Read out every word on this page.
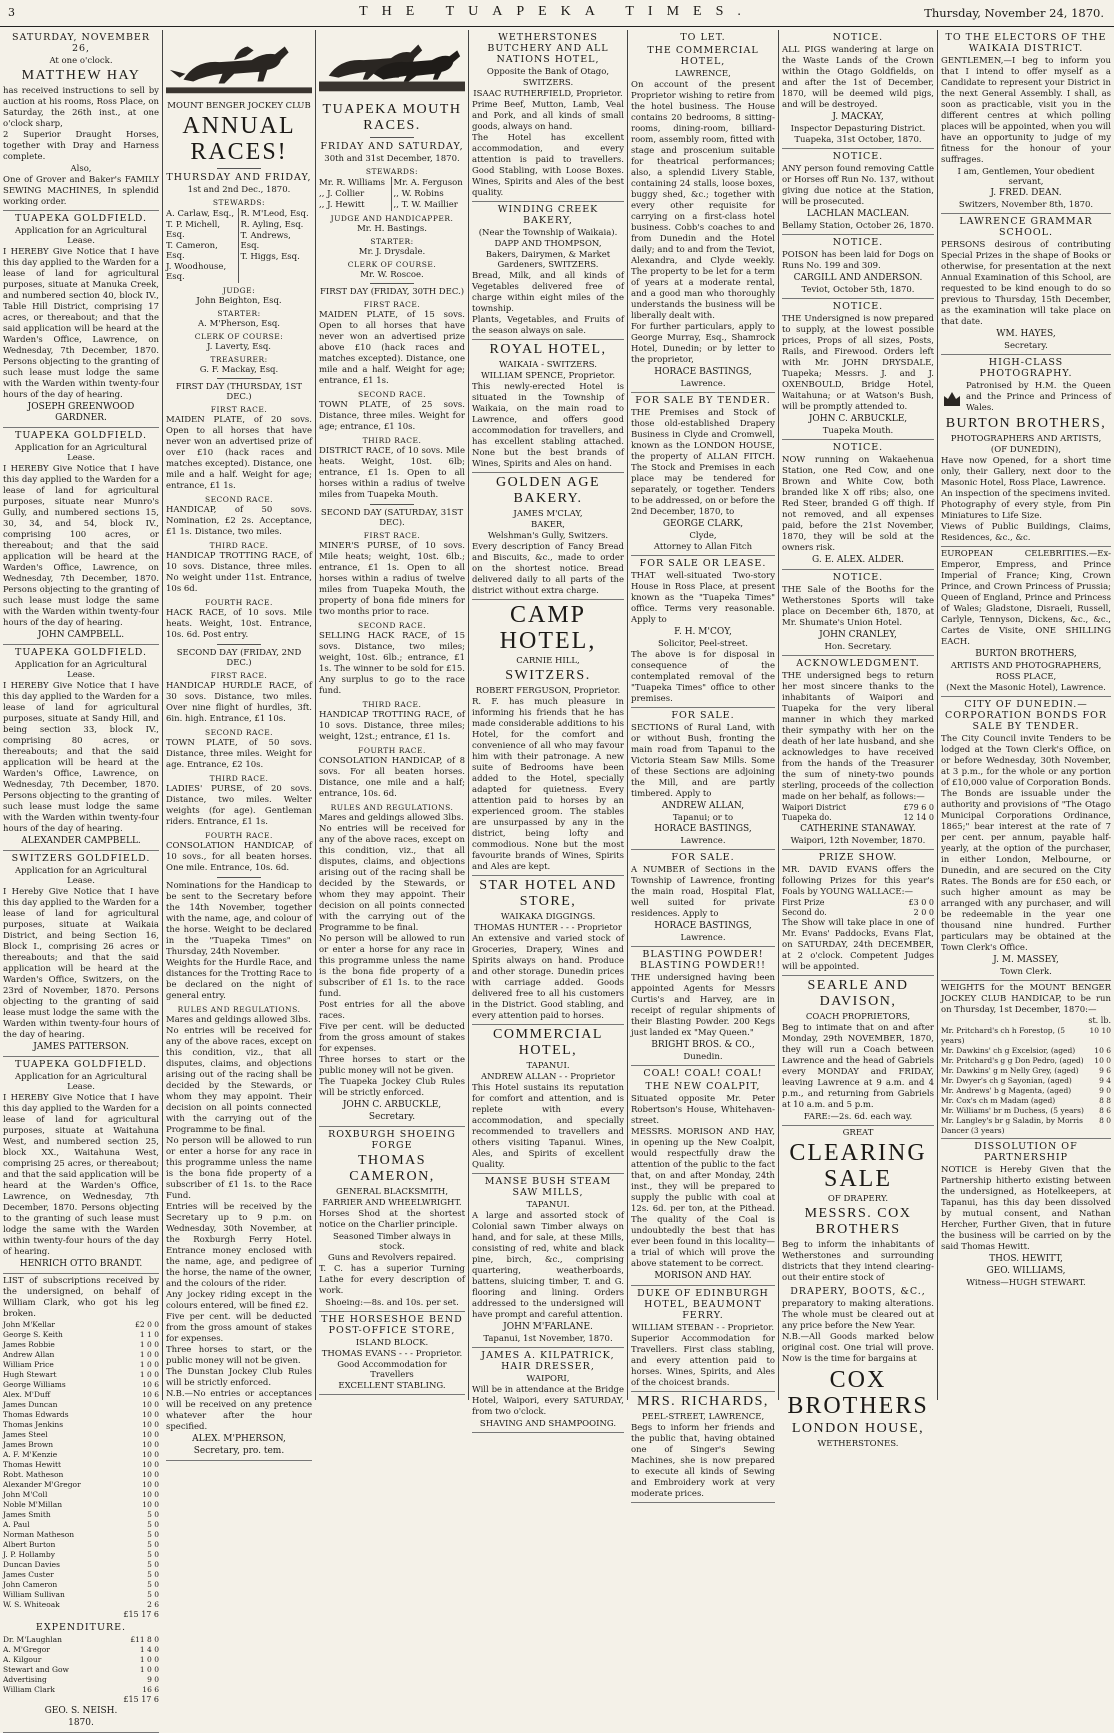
3	THE TUAPEKA TIMES.	Thursday, November 24, 1870.
SATURDAY, NOVEMBER 26,
At one o'clock.
MATTHEW HAY

has received instructions to sell by auction at his rooms, Ross Place, on Saturday, the 26th inst., at one o'clock sharp,

2 Superior Draught Horses, together with Dray and Harness complete.

Also,

One of Grover and Baker's FAMILY SEWING MACHINES, In splendid working order.

TUAPEKA GOLDFIELD.
Application for an Agricultural Lease.

I HEREBY Give Notice that I have this day applied to the Warden for a lease of land for agricultural purposes, situate at Manuka Creek, and numbered section 40, block IV., Table Hill District, comprising 17 acres, or thereabout; and that the said application will be heard at the Warden's Office, Lawrence, on Wednesday, 7th December, 1870. Persons objecting to the granting of such lease must lodge the same with the Warden within twenty-four hours of the day of hearing.

JOSEPH GREENWOOD GARDNER.
TUAPEKA GOLDFIELD.
Application for an Agricultural Lease.

I HEREBY Give Notice that I have this day applied to the Warden for a lease of land for agricultural purposes, situate near Munro's Gully, and numbered sections 15, 30, 34, and 54, block IV., comprising 100 acres, or thereabout; and that the said application will be heard at the Warden's Office, Lawrence, on Wednesday, 7th December, 1870. Persons objecting to the granting of such lease must lodge the same with the Warden within twenty-four hours of the day of hearing.

JOHN CAMPBELL.
TUAPEKA GOLDFIELD.
Application for an Agricultural Lease.

I HEREBY Give Notice that I have this day applied to the Warden for a lease of land for agricultural purposes, situate at Sandy Hill, and being section 33, block IV., comprising 80 acres, or thereabouts; and that the said application will be heard at the Warden's Office, Lawrence, on Wednesday, 7th December, 1870. Persons objecting to the granting of such lease must lodge the same with the Warden within twenty-four hours of the day of hearing.

ALEXANDER CAMPBELL.
SWITZERS GOLDFIELD.
Application for an Agricultural Lease.

I Hereby Give Notice that I have this day applied to the Warden for a lease of land for agricultural purposes, situate at Waikaia District, and being Section 16, Block I., comprising 26 acres or thereabouts; and that the said application will be heard at the Warden's Office, Switzers, on the 23rd of November, 1870. Persons objecting to the granting of said lease must lodge the same with the Warden within twenty-four hours of the day of hearing.

JAMES PATTERSON.
TUAPEKA GOLDFIELD.
Application for an Agricultural Lease.

I HEREBY Give Notice that I have this day applied to the Warden for a lease of land for agricultural purposes, situate at Waitahuna West, and numbered section 25, block XX., Waitahuna West, comprising 25 acres, or thereabout; and that the said application will be heard at the Warden's Office, Lawrence, on Wednesday, 7th December, 1870. Persons objecting to the granting of such lease must lodge the same with the Warden within twenty-four hours of the day of hearing.

HENRICH OTTO BRANDT.

LIST of subscriptions received by the undersigned, on behalf of William Clark, who got his leg broken.

John M'Kellar	£2 0 0
George S. Keith	1 1 0
James Robbie	1 0 0
Andrew Allan	1 0 0
William Price	1 0 0
Hugh Stewart	1 0 0
George Williams	10 6
Alex. M'Duff	10 6
James Duncan	10 0
Thomas Edwards	10 0
Thomas Jenkins	10 0
James Steel	10 0
James Brown	10 0
A. F. M'Kenzie	10 0
Thomas Hewitt	10 0
Robt. Matheson	10 0
Alexander M'Gregor	10 0
John M'Coll	10 0
Noble M'Millan	10 0
James Smith	5 0
A. Paul	5 0
Norman Matheson	5 0
Albert Burton	5 0
J. P. Hollamby	5 0
Duncan Davies	5 0
James Custer	5 0
John Cameron	5 0
William Sullivan	5 0
W. S. Whiteoak	2 6
£15 17 6
EXPENDITURE.
Dr. M'Laughlan	£11 8 0
A. M'Gregor	1 4 0
A. Kilgour	1 0 0
Stewart and Gow	1 0 0
Advertising	9 0
William Clark	16 6
£15 17 6
GEO. S. NEISH.
1870.
MOUNT BENGER JOCKEY CLUB
ANNUAL RACES!
THURSDAY AND FRIDAY,
1st and 2nd Dec., 1870.
STEWARDS:
A. Carlaw, Esq.,
T. P. Michell, Esq.
T. Cameron, Esq.
J. Woodhouse, Esq.
R. M'Leod, Esq.
R. Ayling, Esq.
T. Andrews, Esq.
T. Higgs, Esq.
JUDGE:
John Beighton, Esq.
STARTER:
A. M'Pherson, Esq.
CLERK OF COURSE:
J. Laverty, Esq.
TREASURER:
G. F. Mackay, Esq.
FIRST DAY (THURSDAY, 1ST DEC.)
FIRST RACE.

MAIDEN PLATE, of 20 sovs. Open to all horses that have never won an advertised prize of over £10 (hack races and matches excepted). Distance, one mile and a half. Weight for age; entrance, £1 1s.

SECOND RACE.

HANDICAP, of 50 sovs. Nomination, £2 2s. Acceptance, £1 1s. Distance, two miles.

THIRD RACE.

HANDICAP TROTTING RACE, of 10 sovs. Distance, three miles. No weight under 11st. Entrance, 10s 6d.

FOURTH RACE.

HACK RACE, of 10 sovs. Mile heats. Weight, 10st. Entrance, 10s. 6d. Post entry.

SECOND DAY (FRIDAY, 2ND DEC.)
FIRST RACE.

HANDICAP HURDLE RACE, of 30 sovs. Distance, two miles. Over nine flight of hurdles, 3ft. 6in. high. Entrance, £1 10s.

SECOND RACE.

TOWN PLATE, of 50 sovs. Distance, three miles. Weight for age. Entrance, £2 10s.

THIRD RACE.

LADIES' PURSE, of 20 sovs. Distance, two miles. Welter weights (for age). Gentleman riders. Entrance, £1 1s.

FOURTH RACE.

CONSOLATION HANDICAP, of 10 sovs., for all beaten horses. One mile. Entrance, 10s. 6d.

Nominations for the Handicap to be sent to the Secretary before the 14th November, together with the name, age, and colour of the horse. Weight to be declared in the "Tuapeka Times" on Thursday, 24th November.

Weights for the Hurdle Race, and distances for the Trotting Race to be declared on the night of general entry.

RULES AND REGULATIONS.

Mares and geldings allowed 3lbs.

No entries will be received for any of the above races, except on this condition, viz., that all disputes, claims, and objections arising out of the racing shall be decided by the Stewards, or whom they may appoint. Their decision on all points connected with the carrying out of the Programme to be final.

No person will be allowed to run or enter a horse for any race in this programme unless the name is the bona fide property of a subscriber of £1 1s. to the Race Fund.

Entries will be received by the Secretary up to 9 p.m. on Wednesday, 30th November, at the Roxburgh Ferry Hotel. Entrance money enclosed with the name, age, and pedigree of the horse, the name of the owner, and the colours of the rider.

Any jockey riding except in the colours entered, will be fined £2.

Five per cent. will be deducted from the gross amount of stakes for expenses.

Three horses to start, or the public money will not be given.

The Dunstan Jockey Club Rules will be strictly enforced.

N.B.—No entries or acceptances will be received on any pretence whatever after the hour specified.

ALEX. M'PHERSON,
Secretary, pro. tem.
TUAPEKA MOUTH RACES.
FRIDAY AND SATURDAY,
30th and 31st December, 1870.
STEWARDS:
Mr. R. Williams
,, J. Collier
,, J. Hewitt
Mr. A. Ferguson
,, W. Robins
,, T. W. Maillier
JUDGE AND HANDICAPPER.
Mr. H. Bastings.
STARTER:
Mr. J. Drysdale.
CLERK OF COURSE.
Mr. W. Roscoe.
FIRST DAY (FRIDAY, 30TH DEC.)
FIRST RACE.

MAIDEN PLATE, of 15 sovs. Open to all horses that have never won an advertised prize above £10 (hack races and matches excepted). Distance, one mile and a half. Weight for age; entrance, £1 1s.

SECOND RACE.

TOWN PLATE, of 25 sovs. Distance, three miles. Weight for age; entrance, £1 10s.

THIRD RACE.

DISTRICT RACE, of 10 sovs. Mile heats. Weight, 10st. 6lb; entrance, £1 1s. Open to all horses within a radius of twelve miles from Tuapeka Mouth.

SECOND DAY (SATURDAY, 31ST DEC).
FIRST RACE.

MINER'S PURSE, of 10 sovs. Mile heats; weight, 10st. 6lb.; entrance, £1 1s. Open to all horses within a radius of twelve miles from Tuapeka Mouth, the property of bona fide miners for two months prior to race.

SECOND RACE.

SELLING HACK RACE, of 15 sovs. Distance, two miles; weight, 10st. 6lb.; entrance, £1 1s. The winner to be sold for £15. Any surplus to go to the race fund.

THIRD RACE.

HANDICAP TROTTING RACE, of 10 sovs. Distance, three miles; weight, 12st.; entrance, £1 1s.

FOURTH RACE.

CONSOLATION HANDICAP, of 8 sovs. For all beaten horses. Distance, one mile and a half; entrance, 10s. 6d.

RULES AND REGULATIONS.

Mares and geldings allowed 3lbs.

No entries will be received for any of the above races, except on this condition, viz., that all disputes, claims, and objections arising out of the racing shall be decided by the Stewards, or whom they may appoint. Their decision on all points connected with the carrying out of the Programme to be final.

No person will be allowed to run or enter a horse for any race in this programme unless the name is the bona fide property of a subscriber of £1 1s. to the race fund.

Post entries for all the above races.

Five per cent. will be deducted from the gross amount of stakes for expenses.

Three horses to start or the public money will not be given.

The Tuapeka Jockey Club Rules will be strictly enforced.

JOHN C. ARBUCKLE,
Secretary.
ROXBURGH SHOEING FORGE
THOMAS CAMERON,
GENERAL BLACKSMITH,
FARRIER AND WHEELWRIGHT.

Horses Shod at the shortest notice on the Charlier principle.

Seasoned Timber always in stock.
Guns and Revolvers repaired.

T. C. has a superior Turning Lathe for every description of work.

Shoeing:—8s. and 10s. per set.
THE HORSESHOE BEND POST-OFFICE STORE,
ISLAND BLOCK.
THOMAS EVANS - - - Proprietor.
Good Accommodation for Travellers
EXCELLENT STABLING.
WETHERSTONES BUTCHERY AND ALL NATIONS HOTEL,
Opposite the Bank of Otago,
SWITZERS.
ISAAC RUTHERFIELD, Proprietor.

Prime Beef, Mutton, Lamb, Veal and Pork, and all kinds of small goods, always on hand.

The Hotel has excellent accommodation, and every attention is paid to travellers. Good Stabling, with Loose Boxes. Wines, Spirits and Ales of the best quality.

WINDING CREEK BAKERY,
(Near the Township of Waikaia).
DAPP AND THOMPSON,
Bakers, Dairymen, & Market Gardeners, SWITZERS.

Bread, Milk, and all kinds of Vegetables delivered free of charge within eight miles of the township.

Plants, Vegetables, and Fruits of the season always on sale.

ROYAL HOTEL,
WAIKAIA - SWITZERS.
WILLIAM SPENCE, Proprietor.

This newly-erected Hotel is situated in the Township of Waikaia, on the main road to Lawrence, and offers good accommodation for travellers, and has excellent stabling attached. None but the best brands of Wines, Spirits and Ales on hand.

GOLDEN AGE BAKERY.
JAMES M'CLAY,
BAKER,
Welshman's Gully, Switzers.

Every description of Fancy Bread and Biscuits, &c., made to order on the shortest notice. Bread delivered daily to all parts of the district without extra charge.

CAMP HOTEL,
CARNIE HILL,
SWITZERS.
ROBERT FERGUSON, Proprietor.

R. F. has much pleasure in informing his friends that he has made considerable additions to his Hotel, for the comfort and convenience of all who may favour him with their patronage. A new suite of Bedrooms have been added to the Hotel, specially adapted for quietness. Every attention paid to horses by an experienced groom. The stables are unsurpassed by any in the district, being lofty and commodious. None but the most favourite brands of Wines, Spirits and Ales are kept.

STAR HOTEL AND STORE,
WAIKAKA DIGGINGS.
THOMAS HUNTER - - - Proprietor

An extensive and varied stock of Groceries, Drapery, Wines and Spirits always on hand. Produce and other storage. Dunedin prices with carriage added. Goods delivered free to all his customers in the District. Good stabling, and every attention paid to horses.

COMMERCIAL HOTEL,
TAPANUI.
ANDREW ALLAN - - Proprietor

This Hotel sustains its reputation for comfort and attention, and is replete with every accommodation, and specially recommended to travellers and others visiting Tapanui. Wines, Ales, and Spirits of excellent Quality.

MANSE BUSH STEAM SAW MILLS,
TAPANUI.

A large and assorted stock of Colonial sawn Timber always on hand, and for sale, at these Mills, consisting of red, white and black pine, birch, &c., comprising quartering, weatherboards, battens, sluicing timber, T. and G. flooring and lining. Orders addressed to the undersigned will have prompt and careful attention.

JOHN M'FARLANE.
Tapanui, 1st November, 1870.
JAMES A. KILPATRICK, HAIR DRESSER,
WAIPORI,

Will be in attendance at the Bridge Hotel, Waipori, every SATURDAY, from two o'clock.

SHAVING AND SHAMPOOING.
TO LET.
THE COMMERCIAL HOTEL,
LAWRENCE,

On account of the present Proprietor wishing to retire from the hotel business. The House contains 20 bedrooms, 8 sitting-rooms, dining-room, billiard-room, assembly room, fitted with stage and proscenium suitable for theatrical performances; also, a splendid Livery Stable, containing 24 stalls, loose boxes, buggy shed, &c.; together with every other requisite for carrying on a first-class hotel business. Cobb's coaches to and from Dunedin and the Hotel daily; and to and from the Teviot, Alexandra, and Clyde weekly. The property to be let for a term of years at a moderate rental, and a good man who thoroughly understands the business will be liberally dealt with.

For further particulars, apply to George Murray, Esq., Shamrock Hotel, Dunedin; or by letter to the proprietor,

HORACE BASTINGS,
Lawrence.
FOR SALE BY TENDER.

THE Premises and Stock of those old-established Drapery Business in Clyde and Cromwell, known as the LONDON HOUSE, the property of ALLAN FITCH. The Stock and Premises in each place may be tendered for separately, or together. Tenders to be addressed, on or before the 2nd December, 1870, to

GEORGE CLARK,
Clyde,
Attorney to Allan Fitch
FOR SALE OR LEASE.

THAT well-situated Two-story House in Ross Place, at present known as the "Tuapeka Times" office. Terms very reasonable. Apply to

F. H. M'COY,
Solicitor, Peel-street.

The above is for disposal in consequence of the contemplated removal of the "Tuapeka Times" office to other premises.

FOR SALE.

SECTIONS of Rural Land, with or without Bush, fronting the main road from Tapanui to the Victoria Steam Saw Mills. Some of these Sections are adjoining the Mill, and are partly timbered. Apply to

ANDREW ALLAN,
Tapanui; or to
HORACE BASTINGS,
Lawrence.
FOR SALE.

A NUMBER of Sections in the Township of Lawrence, fronting the main road, Hospital Flat, well suited for private residences. Apply to

HORACE BASTINGS,
Lawrence.
BLASTING POWDER! BLASTING POWDER!!

THE undersigned having been appointed Agents for Messrs Curtis's and Harvey, are in receipt of regular shipments of their Blasting Powder. 200 Kegs just landed ex "May Queen."

BRIGHT BROS. & CO.,
Dunedin.
COAL! COAL! COAL!
THE NEW COALPIT,

Situated opposite Mr. Peter Robertson's House, Whitehaven-street.

MESSRS. MORISON AND HAY, in opening up the New Coalpit, would respectfully draw the attention of the public to the fact that, on and after Monday, 24th inst., they will be prepared to supply the public with coal at 12s. 6d. per ton, at the Pithead. The quality of the Coal is undoubtedly the best that has ever been found in this locality—a trial of which will prove the above statement to be correct.

MORISON AND HAY.
DUKE OF EDINBURGH HOTEL, BEAUMONT FERRY.
WILLIAM STEBAN - - Proprietor.

Superior Accommodation for Travellers. First class stabling, and every attention paid to horses. Wines, Spirits, and Ales of the choicest brands.

MRS. RICHARDS,
PEEL-STREET, LAWRENCE,

Begs to inform her friends and the public that, having obtained one of Singer's Sewing Machines, she is now prepared to execute all kinds of Sewing and Embroidery work at very moderate prices.

NOTICE.

ALL PIGS wandering at large on the Waste Lands of the Crown within the Otago Goldfields, on and after the 1st of December, 1870, will be deemed wild pigs, and will be destroyed.

J. MACKAY,
Inspector Depasturing District.
Tuapeka, 31st October, 1870.
NOTICE.

ANY person found removing Cattle or Horses off Run No. 137, without giving due notice at the Station, will be prosecuted.

LACHLAN MACLEAN.
Bellamy Station, October 26, 1870.
NOTICE.

POISON has been laid for Dogs on Runs No. 199 and 309.

CARGILL AND ANDERSON.
Teviot, October 5th, 1870.
NOTICE.

THE Undersigned is now prepared to supply, at the lowest possible prices, Props of all sizes, Posts, Rails, and Firewood. Orders left with Mr. JOHN DRYSDALE, Tuapeka; Messrs. J. and J. OXENBOULD, Bridge Hotel, Waitahuna; or at Watson's Bush, will be promptly attended to.

JOHN C. ARBUCKLE,
Tuapeka Mouth.
NOTICE.

NOW running on Wakaehenua Station, one Red Cow, and one Brown and White Cow, both branded like X off ribs; also, one Red Steer, branded G off thigh. If not removed, and all expenses paid, before the 21st November, 1870, they will be sold at the owners risk.

G. E. ALEX. ALDER.
NOTICE.

THE Sale of the Booths for the Wetherstones Sports will take place on December 6th, 1870, at Mr. Shumate's Union Hotel.

JOHN CRANLEY,
Hon. Secretary.
ACKNOWLEDGMENT.

THE undersigned begs to return her most sincere thanks to the inhabitants of Waipori and Tuapeka for the very liberal manner in which they marked their sympathy with her on the death of her late husband, and she acknowledges to have received from the hands of the Treasurer the sum of ninety-two pounds sterling, proceeds of the collection made on her behalf, as follows:—

Waipori District	£79 6 0
Tuapeka do.	12 14 0
CATHERINE STANAWAY.
Waipori, 12th November, 1870.
PRIZE SHOW.

MR. DAVID EVANS offers the following Prizes for this year's Foals by YOUNG WALLACE:—

First Prize	£3 0 0
Second do.	2 0 0

The Show will take place in one of Mr. Evans' Paddocks, Evans Flat, on SATURDAY, 24th DECEMBER, at 2 o'clock. Competent Judges will be appointed.

SEARLE AND DAVISON,
COACH PROPRIETORS,

Beg to intimate that on and after Monday, 29th NOVEMBER, 1870, they will run a Coach between Lawrence and the head of Gabriels every MONDAY and FRIDAY, leaving Lawrence at 9 a.m. and 4 p.m., and returning from Gabriels at 10 a.m. and 5 p.m.

FARE:—2s. 6d. each way.
GREAT
CLEARING SALE
OF DRAPERY.
MESSRS. COX BROTHERS

Beg to inform the inhabitants of Wetherstones and surrounding districts that they intend clearing-out their entire stock of

DRAPERY, BOOTS, &C.,

preparatory to making alterations. The whole must be cleared out at any price before the New Year.

N.B.—All Goods marked below original cost. One trial will prove. Now is the time for bargains at

COX BROTHERS
LONDON HOUSE,
WETHERSTONES.
TO THE ELECTORS OF THE WAIKAIA DISTRICT.

GENTLEMEN,—I beg to inform you that I intend to offer myself as a Candidate to represent your District in the next General Assembly. I shall, as soon as practicable, visit you in the different centres at which polling places will be appointed, when you will have an opportunity to judge of my fitness for the honour of your suffrages.

I am, Gentlemen, Your obedient servant,
J. FRED. DEAN.
Switzers, November 8th, 1870.
LAWRENCE GRAMMAR SCHOOL.

PERSONS desirous of contributing Special Prizes in the shape of Books or otherwise, for presentation at the next Annual Examination of this School, are requested to be kind enough to do so previous to Thursday, 15th December, as the examination will take place on that date.

WM. HAYES,
Secretary.
HIGH-CLASS PHOTOGRAPHY.

Patronised by H.M. the Queen and the Prince and Princess of Wales.

BURTON BROTHERS,
PHOTOGRAPHERS AND ARTISTS,
(OF DUNEDIN),

Have now Opened, for a short time only, their Gallery, next door to the Masonic Hotel, Ross Place, Lawrence.

An inspection of the specimens invited.

Photography of every style, from Pin Miniatures to Life Size.

Views of Public Buildings, Claims, Residences, &c., &c.

EUROPEAN CELEBRITIES.—Ex-Emperor, Empress, and Prince Imperial of France; King, Crown Prince, and Crown Princess of Prussia; Queen of England, Prince and Princess of Wales; Gladstone, Disraeli, Russell, Carlyle, Tennyson, Dickens, &c., &c., Cartes de Visite, ONE SHILLING EACH.

BURTON BROTHERS,
ARTISTS AND PHOTOGRAPHERS,
ROSS PLACE,
(Next the Masonic Hotel), Lawrence.
CITY OF DUNEDIN.—CORPORATION BONDS FOR SALE BY TENDER.

The City Council invite Tenders to be lodged at the Town Clerk's Office, on or before Wednesday, 30th November, at 3 p.m., for the whole or any portion of £10,000 value of Corporation Bonds. The Bonds are issuable under the authority and provisions of "The Otago Municipal Corporations Ordinance, 1865;" bear interest at the rate of 7 per cent. per annum, payable half-yearly, at the option of the purchaser, in either London, Melbourne, or Dunedin, and are secured on the City Rates. The Bonds are for £50 each, or such higher amount as may be arranged with any purchaser, and will be redeemable in the year one thousand nine hundred. Further particulars may be obtained at the Town Clerk's Office.

J. M. MASSEY,
Town Clerk.

WEIGHTS for the MOUNT BENGER JOCKEY CLUB HANDICAP, to be run on Thursday, 1st December, 1870:—

st. lb.
Mr. Pritchard's ch h Forestop, (5 years)
10 10
Mr. Dawkins' ch g Excelsior, (aged)	10 6
Mr. Pritchard's g g Don Pedro, (aged)	10 0
Mr. Dawkins' g m Nelly Grey, (aged)	9 6
Mr. Dwyer's ch g Sayonian, (aged)	9 4
Mr. Andrews' b g Magenta, (aged)	9 0
Mr. Cox's ch m Madam (aged)	8 8
Mr. Williams' br m Duchess, (5 years)	8 6
Mr. Langley's br g Saladin, by Morris Dancer (3 years)
8 0
DISSOLUTION OF PARTNERSHIP

NOTICE is Hereby Given that the Partnership hitherto existing between the undersigned, as Hotelkeepers, at Tapanui, has this day been dissolved by mutual consent, and Nathan Hercher, Further Given, that in future the business will be carried on by the said Thomas Hewitt.

THOS. HEWITT,
GEO. WILLIAMS,
Witness—HUGH STEWART.
